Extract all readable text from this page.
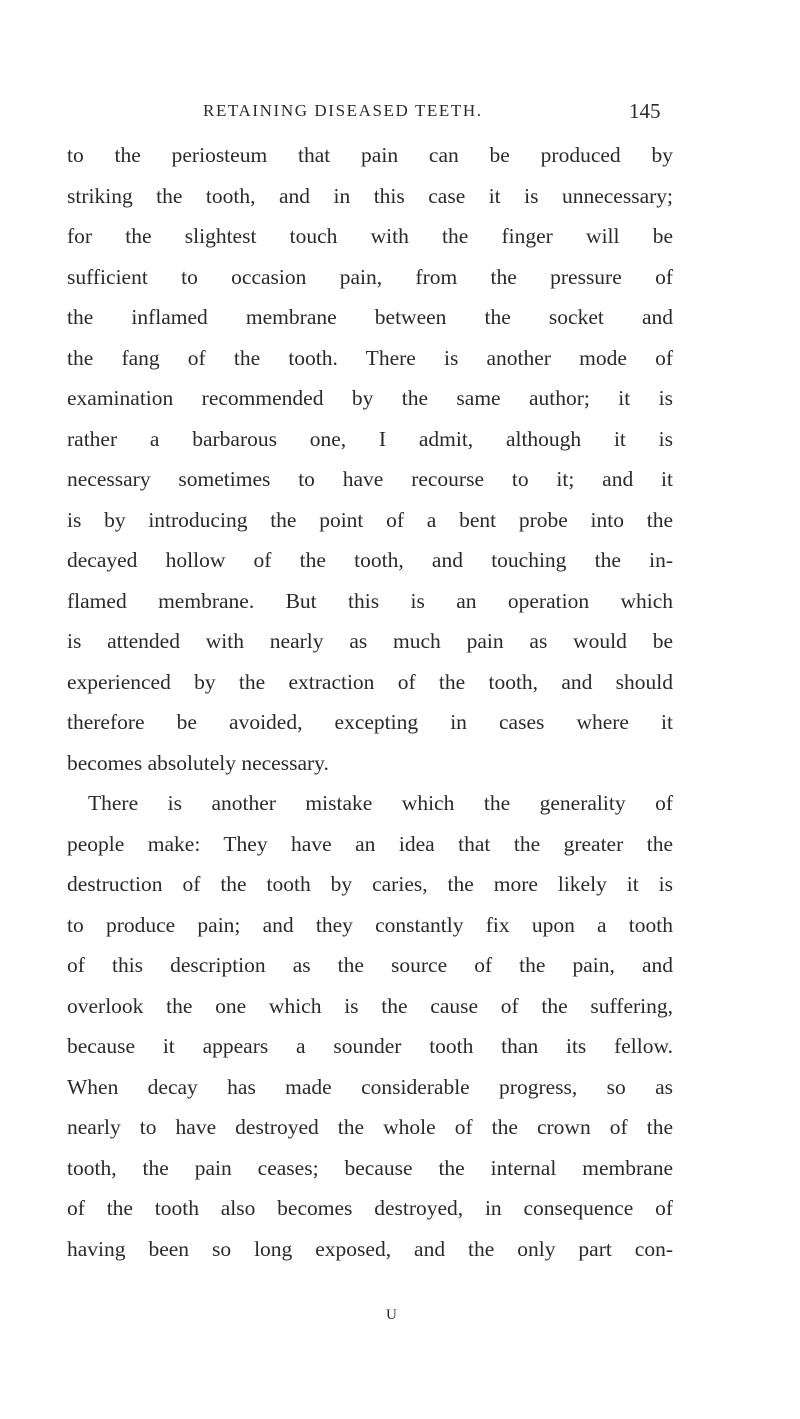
RETAINING DISEASED TEETH.	145
to the periosteum that pain can be produced by
striking the tooth, and in this case it is unnecessary;
for the slightest touch with the finger will be
sufficient to occasion pain, from the pressure of
the inflamed membrane between the socket and
the fang of the tooth. There is another mode of
examination recommended by the same author; it is
rather a barbarous one, I admit, although it is
necessary sometimes to have recourse to it; and it
is by introducing the point of a bent probe into the
decayed hollow of the tooth, and touching the in-
flamed membrane. But this is an operation which
is attended with nearly as much pain as would be
experienced by the extraction of the tooth, and should
therefore be avoided, excepting in cases where it
becomes absolutely necessary.
There is another mistake which the generality of
people make: They have an idea that the greater the
destruction of the tooth by caries, the more likely it is
to produce pain; and they constantly fix upon a tooth
of this description as the source of the pain, and
overlook the one which is the cause of the suffering,
because it appears a sounder tooth than its fellow.
When decay has made considerable progress, so as
nearly to have destroyed the whole of the crown of the
tooth, the pain ceases; because the internal membrane
of the tooth also becomes destroyed, in consequence of
having been so long exposed, and the only part con-
U
